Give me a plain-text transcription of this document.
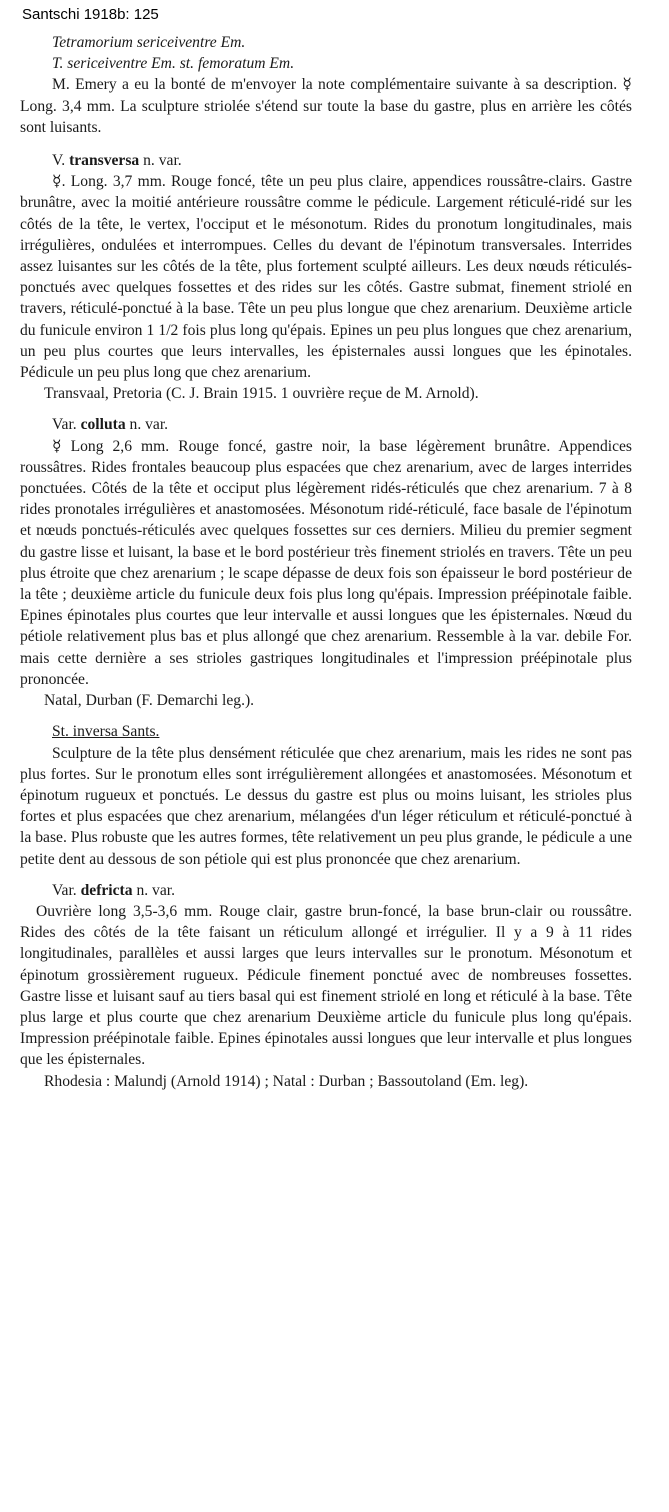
Santschi 1918b: 125
Tetramorium sericeiventre Em.
T. sericeiventre Em. st. femoratum Em.

M. Emery a eu la bonté de m'envoyer la note complémentaire suivante à sa description. ☿ Long. 3,4 mm. La sculpture striolée s'étend sur toute la base du gastre, plus en arrière les côtés sont luisants.

V. transversa n. var.

☿. Long. 3,7 mm. Rouge foncé, tête un peu plus claire, appendices roussâtre-clairs. Gastre brunâtre, avec la moitié antérieure roussâtre comme le pédicule. Largement réticulé-ridé sur les côtés de la tête, le vertex, l'occiput et le mésonotum. Rides du pronotum longitudinales, mais irrégulières, ondulées et interrompues. Celles du devant de l'épinotum transversales. Interrides assez luisantes sur les côtés de la tête, plus fortement sculpté ailleurs. Les deux nœuds réticulés-ponctués avec quelques fossettes et des rides sur les côtés. Gastre submat, finement striolé en travers, réticulé-ponctué à la base. Tête un peu plus longue que chez arenarium. Deuxième article du funicule environ 1 1/2 fois plus long qu'épais. Epines un peu plus longues que chez arenarium, un peu plus courtes que leurs intervalles, les épisternales aussi longues que les épinotales. Pédicule un peu plus long que chez arenarium.

Transvaal, Pretoria (C. J. Brain 1915. 1 ouvrière reçue de M. Arnold).

Var. colluta n. var.

☿ Long 2,6 mm. Rouge foncé, gastre noir, la base légèrement brunâtre. Appendices roussâtres. Rides frontales beaucoup plus espacées que chez arenarium, avec de larges interrides ponctuées. Côtés de la tête et occiput plus légèrement ridés-réticulés que chez arenarium. 7 à 8 rides pronotales irrégulières et anastomosées. Mésonotum ridé-réticulé, face basale de l'épinotum et nœuds ponctués-réticulés avec quelques fossettes sur ces derniers. Milieu du premier segment du gastre lisse et luisant, la base et le bord postérieur très finement striolés en travers. Tête un peu plus étroite que chez arenarium ; le scape dépasse de deux fois son épaisseur le bord postérieur de la tête ; deuxième article du funicule deux fois plus long qu'épais. Impression préépinotale faible. Epines épinotales plus courtes que leur intervalle et aussi longues que les épisternales. Nœud du pétiole relativement plus bas et plus allongé que chez arenarium. Ressemble à la var. debile For. mais cette dernière a ses strioles gastriques longitudinales et l'impression préépinotale plus prononcée.

Natal, Durban (F. Demarchi leg.).

St. inversa Sants.

Sculpture de la tête plus densément réticulée que chez arenarium, mais les rides ne sont pas plus fortes. Sur le pronotum elles sont irrégulièrement allongées et anastomosées. Mésonotum et épinotum rugueux et ponctués. Le dessus du gastre est plus ou moins luisant, les strioles plus fortes et plus espacées que chez arenarium, mélangées d'un léger réticulum et réticulé-ponctué à la base. Plus robuste que les autres formes, tête relativement un peu plus grande, le pédicule a une petite dent au dessous de son pétiole qui est plus prononcée que chez arenarium.

Var. defricta n. var.

Ouvrière long 3,5-3,6 mm. Rouge clair, gastre brun-foncé, la base brun-clair ou roussâtre. Rides des côtés de la tête faisant un réticulum allongé et irrégulier. Il y a 9 à 11 rides longitudinales, parallèles et aussi larges que leurs intervalles sur le pronotum. Mésonotum et épinotum grossièrement rugueux. Pédicule finement ponctué avec de nombreuses fossettes. Gastre lisse et luisant sauf au tiers basal qui est finement striolé en long et réticulé à la base. Tête plus large et plus courte que chez arenarium Deuxième article du funicule plus long qu'épais. Impression préépinotale faible. Epines épinotales aussi longues que leur intervalle et plus longues que les épisternales.

Rhodesia : Malundj (Arnold 1914) ; Natal : Durban ; Bassoutoland (Em. leg).
